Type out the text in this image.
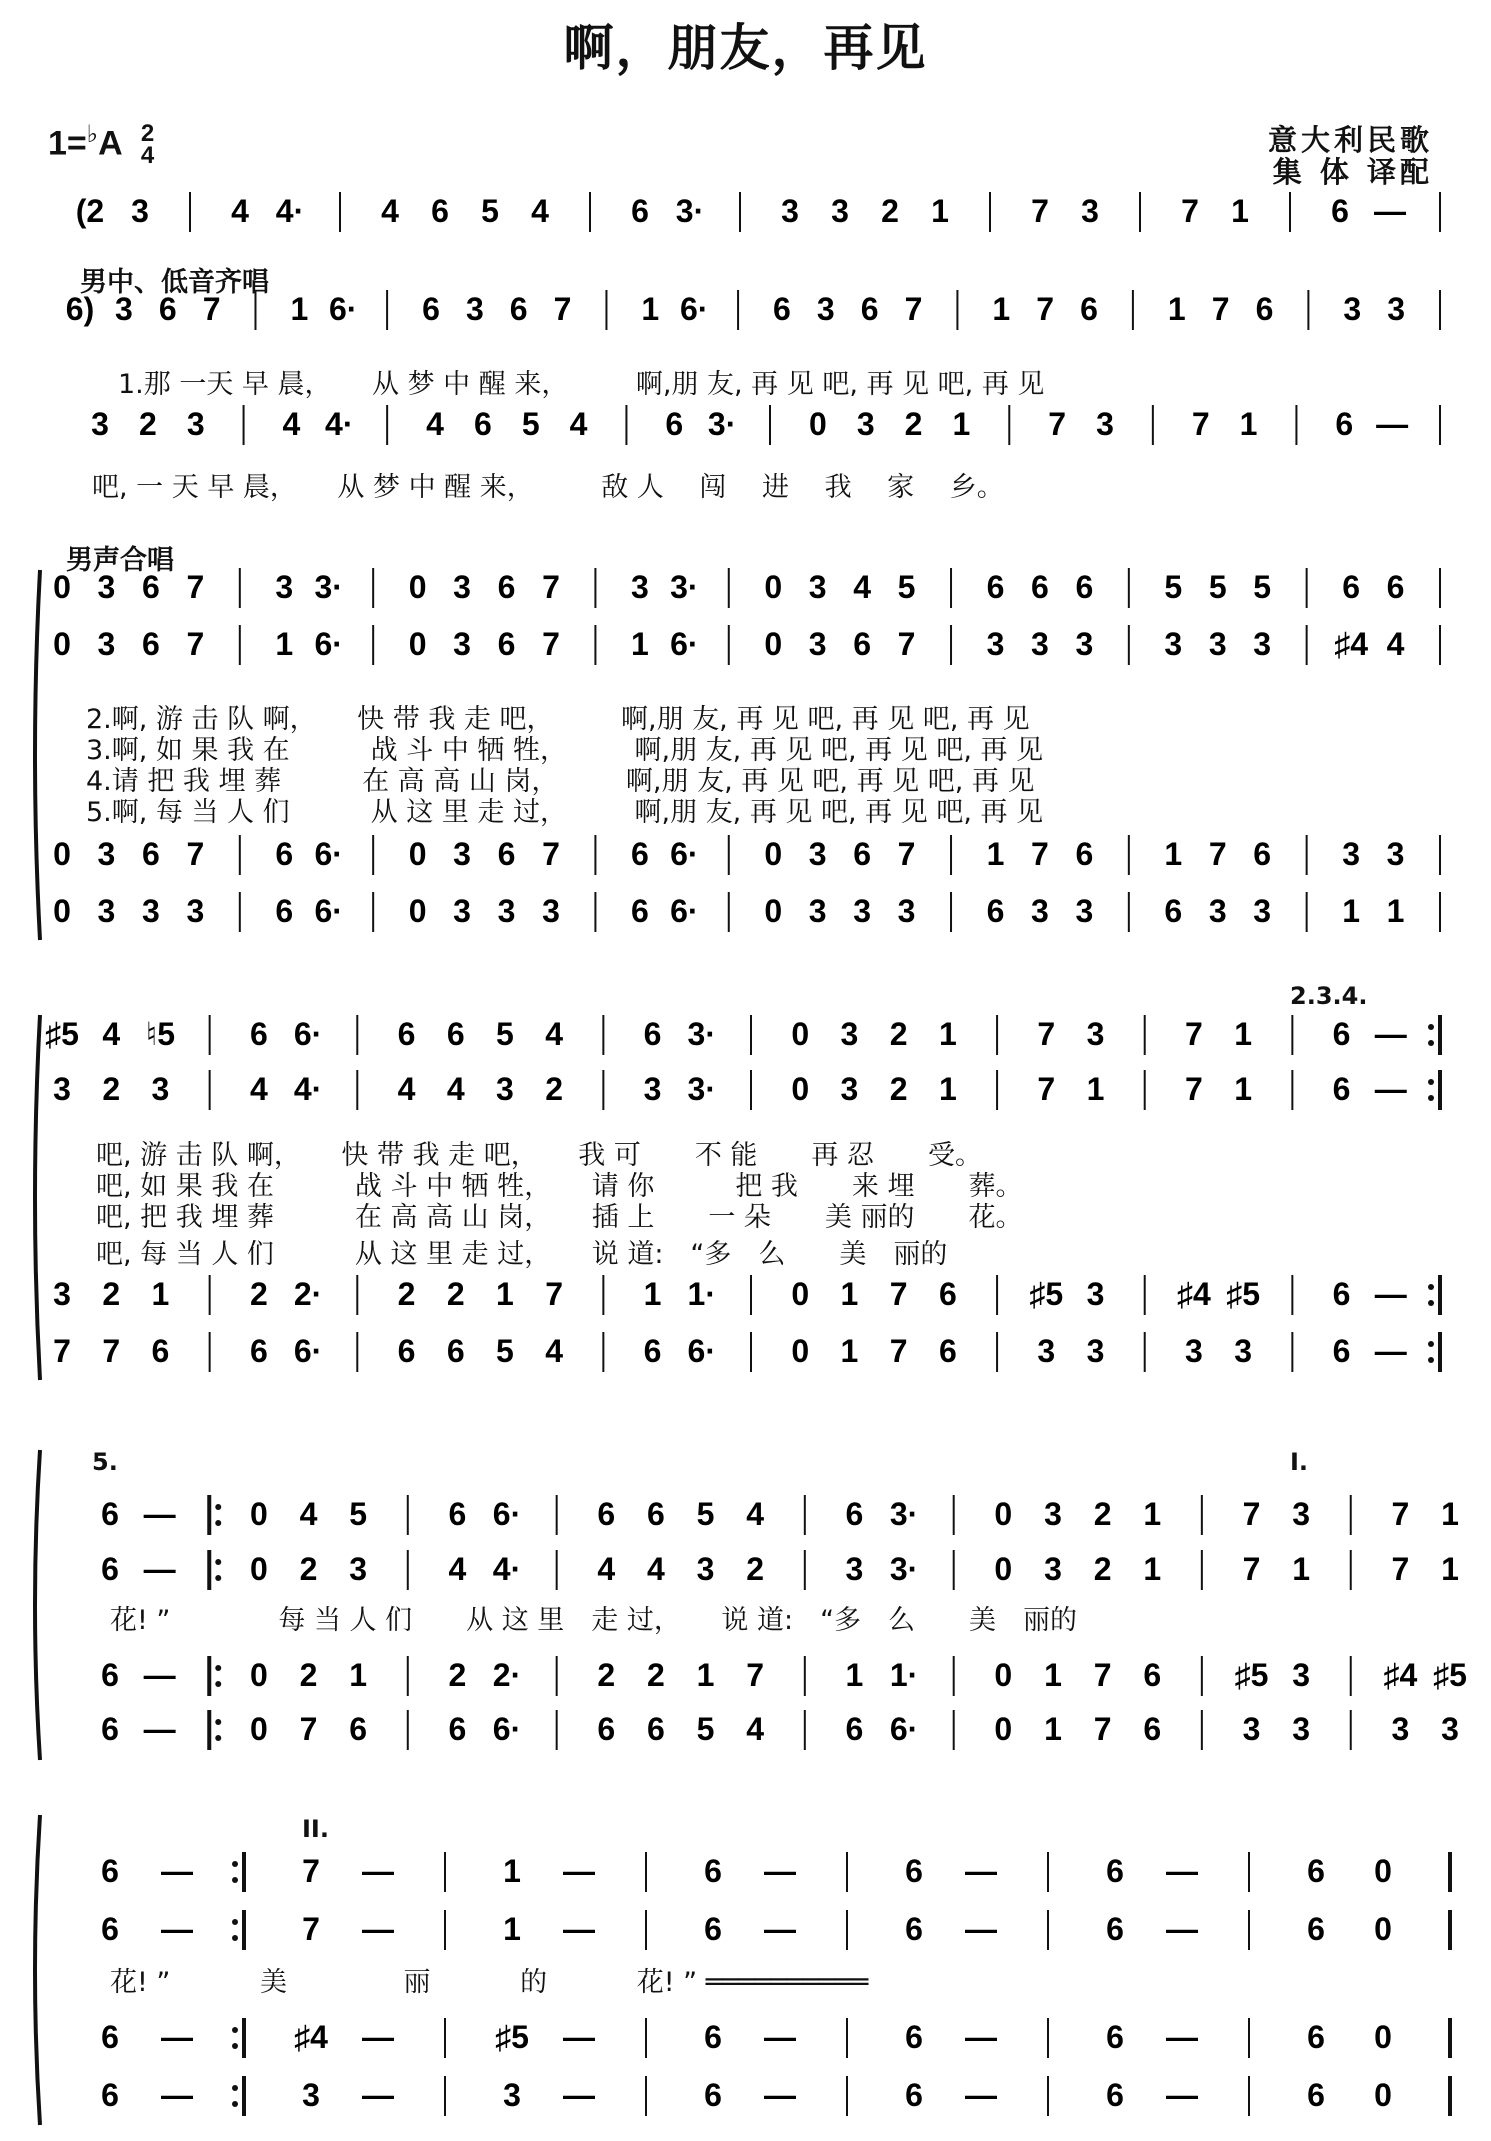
啊，朋友，再见
1=♭A 2
4	意大利民歌
集 体 译配
男中、低音齐唱
男声合唱
2.3.4.
5.	I.
II.
1.那 一天 早 晨，　　从 梦 中 醒 来，　　　啊,朋 友, 再 见 吧, 再 见 吧, 再 见
吧, 一 天 早 晨，　　从 梦 中 醒 来，　　　敌 人　 闯　 进　 我　 家　 乡。
2.啊, 游 击 队 啊，　　快 带 我 走 吧，　　　啊,朋 友, 再 见 吧, 再 见 吧, 再 见
3.啊, 如 果 我 在　　　战 斗 中 牺 牲，　　　啊,朋 友, 再 见 吧, 再 见 吧, 再 见
4.请 把 我 埋 葬　　　在 高 高 山 岗，　　　啊,朋 友, 再 见 吧, 再 见 吧, 再 见
5.啊, 每 当 人 们　　　从 这 里 走 过，　　　啊,朋 友, 再 见 吧, 再 见 吧, 再 见
吧, 游 击 队 啊，　　快 带 我 走 吧，　　我 可　　不 能　　再 忍　　受。
吧, 如 果 我 在　　　战 斗 中 牺 牲，　　请 你　　　把 我　　来 埋　　葬。
吧, 把 我 埋 葬　　　在 高 高 山 岗，　　插 上　　一 朵　　美 丽的　　花。
吧, 每 当 人 们　　　从 这 里 走 过，　　说 道:　“多　么　　美　丽的
花! ”　　　　每 当 人 们　　从 这 里　走 过，　　说 道:　“多　么　　美　丽的
花! ”　　　 美　　　　 丽　　　 的　　　 花! ” ══════════
(2 3	4 4· 4 6 5 4	6 3· 3 3 2 1	7 3	7 1	6 —
6) 3 6 7 1 6· 6 3 6 7 1 6· 6 3 6 7 1 7 6 1 7 6 3 3
3 2 3 4 4· 4 6 5 4 6 3· 0 3 2 1 7 3 7 1 6 —
0 3 6 7 3 3· 0 3 6 7 3 3· 0 3 4 5 6 6 6 5 5 5 6 6
0 3 6 7 1 6· 0 3 6 7 1 6· 0 3 6 7 3 3 3 3 3 3 ♯4 4
0 3 6 7 6 6· 0 3 6 7 6 6· 0 3 6 7 1 7 6 1 7 6 3 3
0 3 3 3 6 6· 0 3 3 3 6 6· 0 3 3 3 6 3 3 6 3 3 1 1
♯5 4 ♮5 6 6· 6 6 5 4	6 3· 0 3 2 1	7 3	7 1	6 —
3 2 3	4 4· 4 4 3 2	3 3· 0 3 2 1	7 1	7 1	6 —
3 2 1	2 2· 2 2 1 7	1 1· 0 1 7 6 ♯5 3 ♯4 ♯5 6 —
7 7 6	6 6· 6 6 5 4	6 6· 0 1 7 6	3 3	3 3	6 —
6 — 0 4 5	6 6· 6 6 5 4	6 3· 0 3 2 1	7 3	7 1
6 — 0 2 3	4 4· 4 4 3 2	3 3· 0 3 2 1	7 1	7 1
6 — 0 2 1	2 2· 2 2 1 7	1 1· 0 1 7 6 ♯5 3 ♯4 ♯5
6 — 0 7 6	6 6· 6 6 5 4	6 6· 0 1 7 6	3 3	3 3
6 —	7 —	1 —	6 —	6 —	6 —	6 0
6 —	7 —	1 —	6 —	6 —	6 —	6 0
6 —	♯4 —	♯5 —	6 —	6 —	6 —	6 0
6 —	3 —	3 —	6 —	6 —	6 —	6 0
